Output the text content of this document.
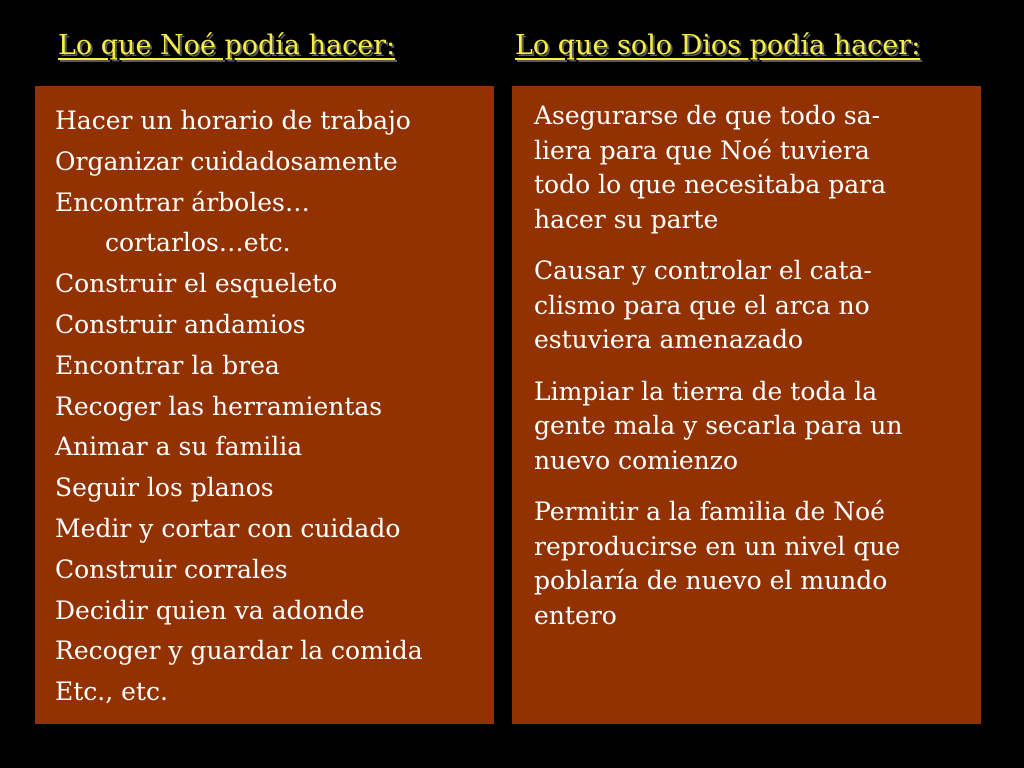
Lo que Noé podía hacer:	Lo que solo Dios podía hacer:
Hacer un horario de trabajo
Organizar cuidadosamente
Encontrar árboles…
cortarlos…etc.
Construir el esqueleto
Construir andamios
Encontrar la brea
Recoger las herramientas
Animar a su familia
Seguir los planos
Medir y cortar con cuidado
Construir corrales
Decidir quien va adonde
Recoger y guardar la comida
Etc., etc.
Asegurarse de que todo sa-
liera para que Noé tuviera
todo lo que necesitaba para
hacer su parte
Causar y controlar el cata-
clismo para que el arca no
estuviera amenazado
Limpiar la tierra de toda la
gente mala y secarla para un
nuevo comienzo
Permitir a la familia de Noé
reproducirse en un nivel que
poblaría de nuevo el mundo
entero
